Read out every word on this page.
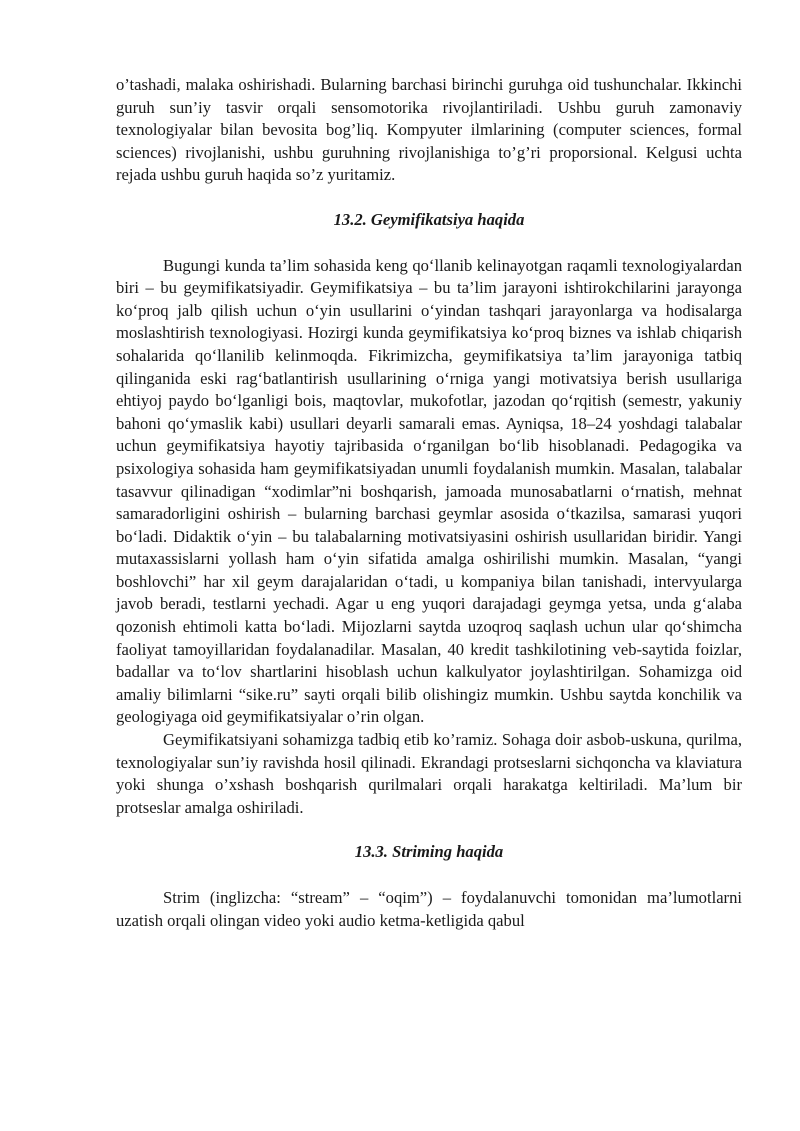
o’tashadi, malaka oshirishadi. Bularning barchasi birinchi guruhga oid tushunchalar. Ikkinchi guruh sun’iy tasvir orqali sensomotorika rivojlantiriladi. Ushbu guruh zamonaviy texnologiyalar bilan bevosita bog’liq. Kompyuter ilmlarining (computer sciences, formal sciences) rivojlanishi, ushbu guruhning rivojlanishiga to’g’ri proporsional. Kelgusi uchta rejada ushbu guruh haqida so’z yuritamiz.

13.2. Geymifikatsiya haqida

Bugungi kunda ta’lim sohasida keng qo‘llanib kelinayotgan raqamli texnologiyalardan biri – bu geymifikatsiyadir. Geymifikatsiya – bu ta’lim jarayoni ishtirokchilarini jarayonga ko‘proq jalb qilish uchun o‘yin usullarini o‘yindan tashqari jarayonlarga va hodisalarga moslashtirish texnologiyasi. Hozirgi kunda geymifikatsiya ko‘proq biznes va ishlab chiqarish sohalarida qo‘llanilib kelinmoqda. Fikrimizcha, geymifikatsiya ta’lim jarayoniga tatbiq qilinganida eski rag‘batlantirish usullarining o‘rniga yangi motivatsiya berish usullariga ehtiyoj paydo bo‘lganligi bois, maqtovlar, mukofotlar, jazodan qo‘rqitish (semestr, yakuniy bahoni qo‘ymaslik kabi) usullari deyarli samarali emas. Ayniqsa, 18–24 yoshdagi talabalar uchun geymifikatsiya hayotiy tajribasida o‘rganilgan bo‘lib hisoblanadi. Pedagogika va psixologiya sohasida ham geymifikatsiyadan unumli foydalanish mumkin. Masalan, talabalar tasavvur qilinadigan “xodimlar”ni boshqarish, jamoada munosabatlarni o‘rnatish, mehnat samaradorligini oshirish – bularning barchasi geymlar asosida o‘tkazilsa, samarasi yuqori bo‘ladi. Didaktik o‘yin – bu talabalarning motivatsiyasini oshirish usullaridan biridir. Yangi mutaxassislarni yollash ham o‘yin sifatida amalga oshirilishi mumkin. Masalan, “yangi boshlovchi” har xil geym darajalaridan o‘tadi, u kompaniya bilan tanishadi, intervyularga javob beradi, testlarni yechadi. Agar u eng yuqori darajadagi geymga yetsa, unda g‘alaba qozonish ehtimoli katta bo‘ladi. Mijozlarni saytda uzoqroq saqlash uchun ular qo‘shimcha faoliyat tamoyillaridan foydalanadilar. Masalan, 40 kredit tashkilotining veb-saytida foizlar, badallar va to‘lov shartlarini hisoblash uchun kalkulyator joylashtirilgan. Sohamizga oid amaliy bilimlarni “sike.ru” sayti orqali bilib olishingiz mumkin. Ushbu saytda konchilik va geologiyaga oid geymifikatsiyalar o’rin olgan.

Geymifikatsiyani sohamizga tadbiq etib ko’ramiz. Sohaga doir asbob-uskuna, qurilma, texnologiyalar sun’iy ravishda hosil qilinadi. Ekrandagi protseslarni sichqoncha va klaviatura yoki shunga o’xshash boshqarish qurilmalari orqali harakatga keltiriladi. Ma’lum bir protseslar amalga oshiriladi.

13.3. Striming haqida

Strim (inglizcha: “stream” – “oqim”) – foydalanuvchi tomonidan ma’lumotlarni uzatish orqali olingan video yoki audio ketma-ketligida qabul
